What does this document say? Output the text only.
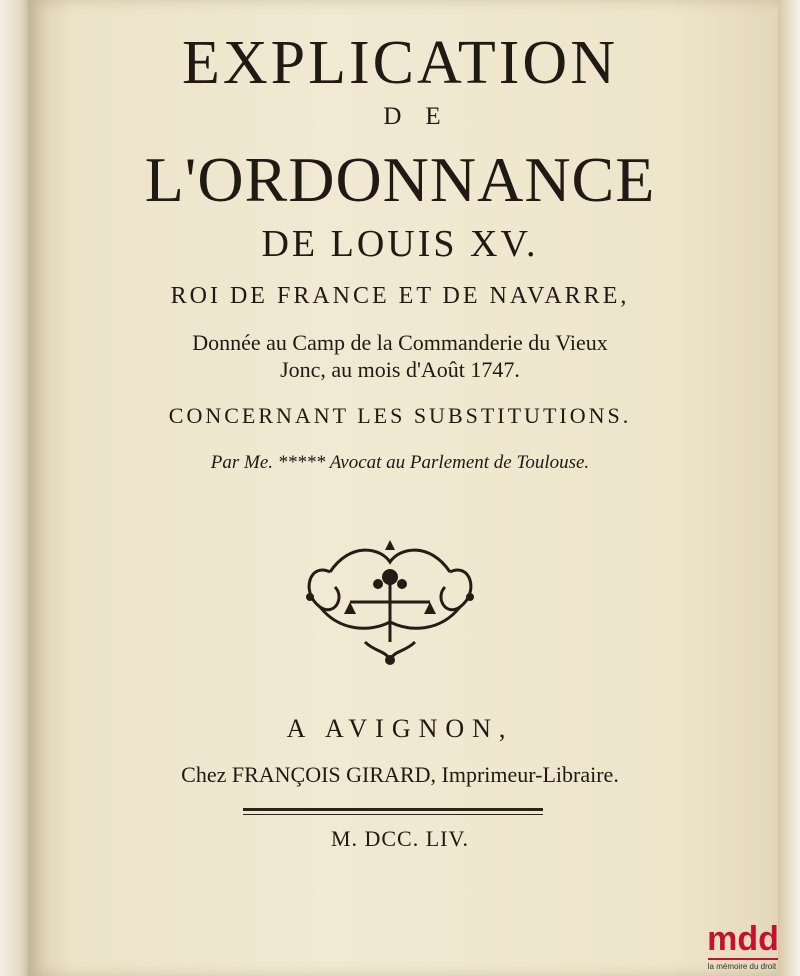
EXPLICATION
DE
L'ORDONNANCE
DE LOUIS XV.
ROI DE FRANCE ET DE NAVARRE,
Donnée au Camp de la Commanderie du Vieux
Jonc, au mois d'Août 1747.
CONCERNANT LES SUBSTITUTIONS.
Par Me. ***** Avocat au Parlement de Toulouse.
A AVIGNON,
Chez FRANÇOIS GIRARD, Imprimeur-Libraire.
M. DCC. LIV.
mdd
la mémoire du droit
